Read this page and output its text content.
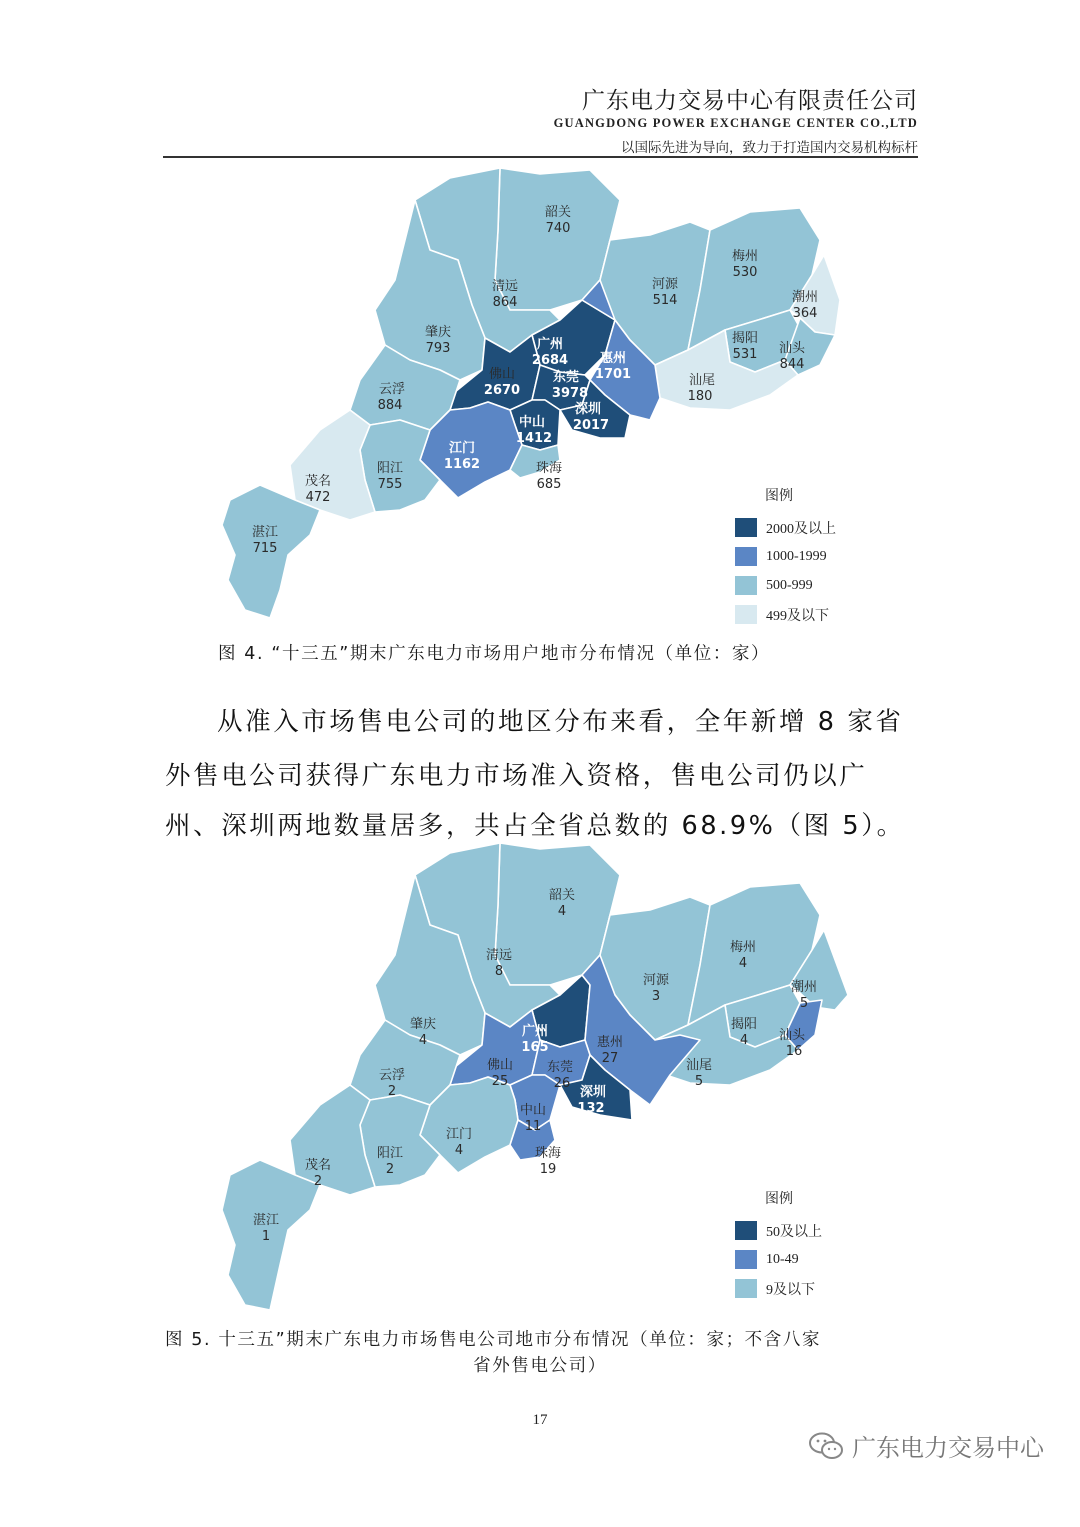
广东电力交易中心有限责任公司
GUANGDONG POWER EXCHANGE CENTER CO.,LTD
以国际先进为导向，致力于打造国内交易机构标杆
韶关
740
清远
864
河源
514
梅州
530
潮州
364
肇庆
793	广州
2684 惠州
1701
揭阳
531 汕头
844
佛山
2670
东莞
3978
汕尾
180
云浮
884	深圳
2017
中山
1412
江门
1162	珠海
685
阳江
755
茂名
472
湛江
715
图例
2000及以上
1000-1999
500-999
499及以下
图 4. “十三五”期末广东电力市场用户地市分布情况（单位：家）
从准入市场售电公司的地区分布来看，全年新增 8 家省
外售电公司获得广东电力市场准入资格，售电公司仍以广
州、深圳两地数量居多，共占全省总数的 68.9%（图 5）。
韶关
4
清远
8
河源
3
梅州
4
潮州
5
肇庆
4
广州
165	惠州
27
揭阳
4 汕头
16
佛山
25
东莞
26
汕尾
5
云浮
2	深圳
132
中山
11
江门
4	珠海
19
阳江
2
茂名
2
湛江
1
图例
50及以上
10-49
9及以下
图 5. 十三五”期末广东电力市场售电公司地市分布情况（单位：家；不含八家
省外售电公司）
17
广东电力交易中心
